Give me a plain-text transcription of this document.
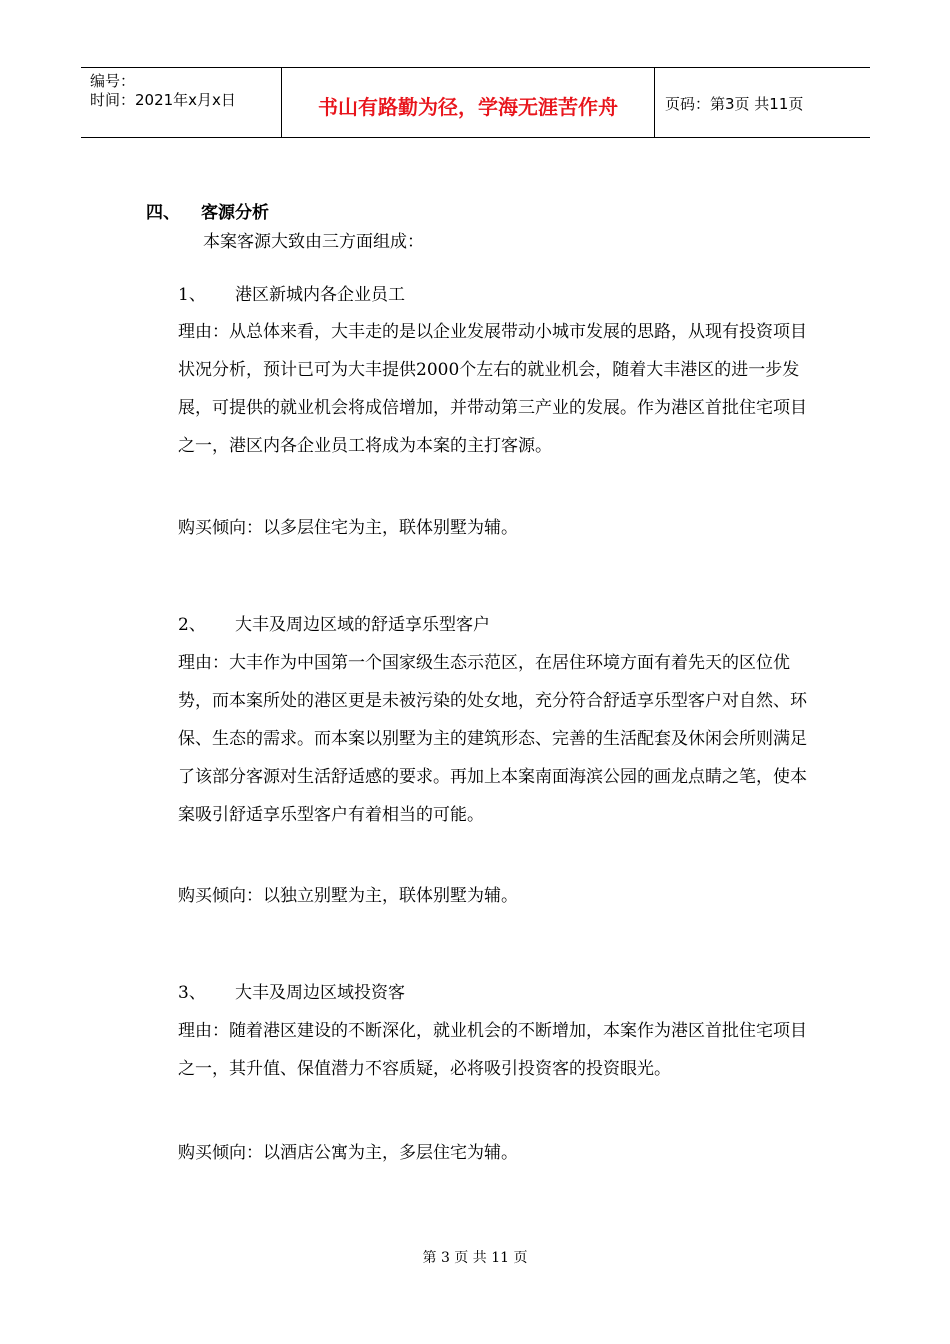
编号：
时间：2021年x月x日	书山有路勤为径，学海无涯苦作舟	页码：第3页 共11页
四、 客源分析
本案客源大致由三方面组成：
1、 港区新城内各企业员工
理由：从总体来看，大丰走的是以企业发展带动小城市发展的思路，从现有投资项目状况分析，预计已可为大丰提供2000个左右的就业机会，随着大丰港区的进一步发展，可提供的就业机会将成倍增加，并带动第三产业的发展。作为港区首批住宅项目之一，港区内各企业员工将成为本案的主打客源。
购买倾向：以多层住宅为主，联体别墅为辅。
2、 大丰及周边区域的舒适享乐型客户
理由：大丰作为中国第一个国家级生态示范区，在居住环境方面有着先天的区位优势，而本案所处的港区更是未被污染的处女地，充分符合舒适享乐型客户对自然、环保、生态的需求。而本案以别墅为主的建筑形态、完善的生活配套及休闲会所则满足了该部分客源对生活舒适感的要求。再加上本案南面海滨公园的画龙点睛之笔，使本案吸引舒适享乐型客户有着相当的可能。
购买倾向：以独立别墅为主，联体别墅为辅。
3、 大丰及周边区域投资客
理由：随着港区建设的不断深化，就业机会的不断增加，本案作为港区首批住宅项目之一，其升值、保值潜力不容质疑，必将吸引投资客的投资眼光。
购买倾向：以酒店公寓为主，多层住宅为辅。
第 3 页 共 11 页
